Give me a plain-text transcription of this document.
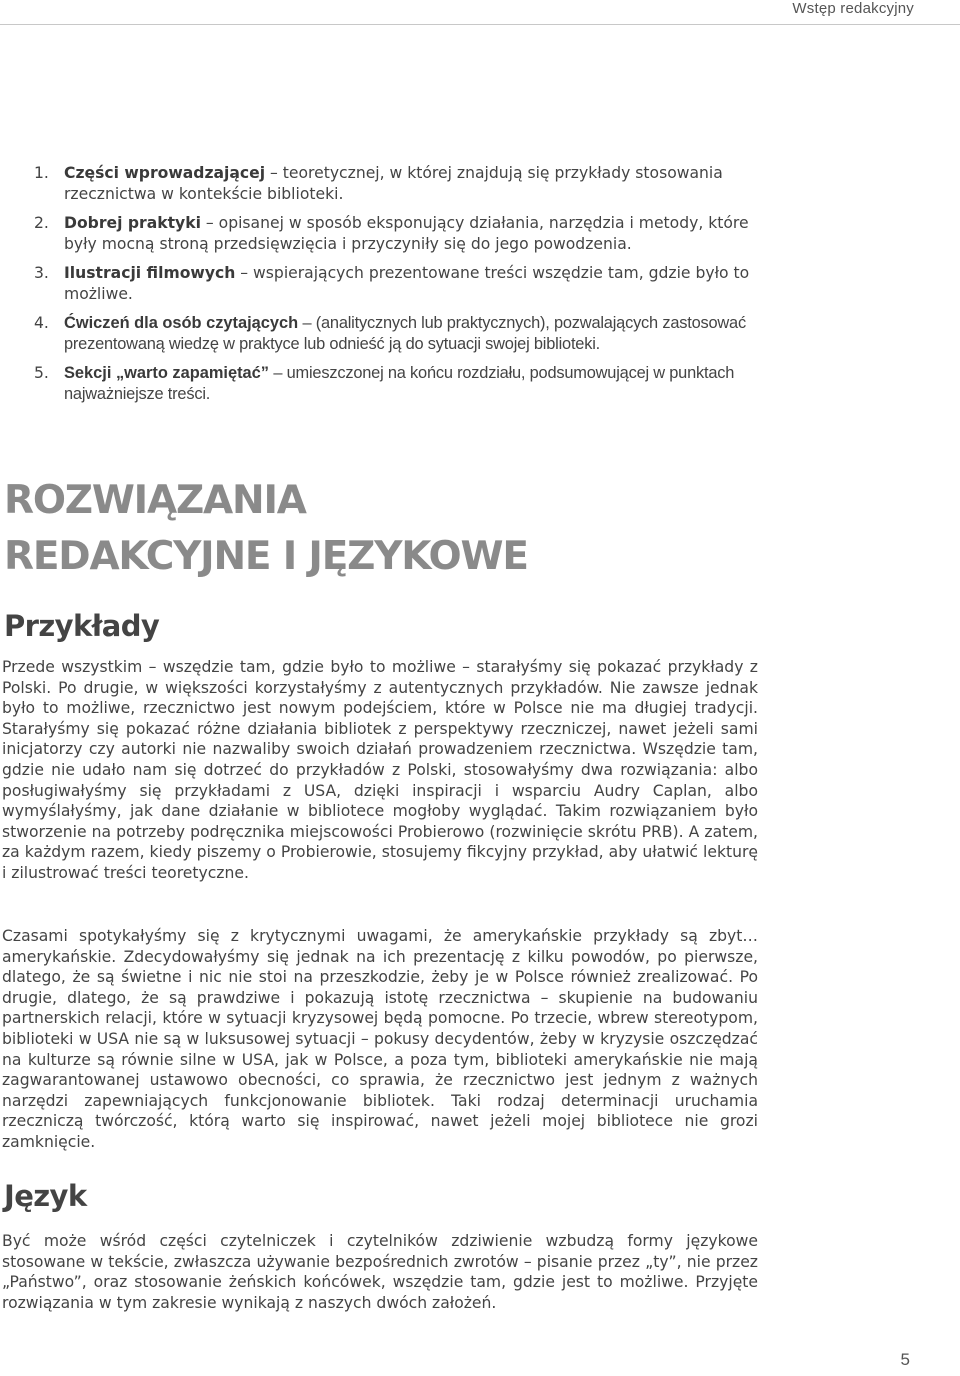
Wstęp redakcyjny
1. Części wprowadzającej – teoretycznej, w której znajdują się przykłady stosowania rzecznictwa w kontekście biblioteki.
2. Dobrej praktyki – opisanej w sposób eksponujący działania, narzędzia i metody, które były mocną stroną przedsięwzięcia i przyczyniły się do jego powodzenia.
3. Ilustracji filmowych – wspierających prezentowane treści wszędzie tam, gdzie było to możliwe.
4. Ćwiczeń dla osób czytających – (analitycznych lub praktycznych), pozwalających zastosować prezentowaną wiedzę w praktyce lub odnieść ją do sytuacji swojej biblioteki.
5. Sekcji „warto zapamiętać” – umieszczonej na końcu rozdziału, podsumowującej w punktach najważniejsze treści.
ROZWIĄZANIA
REDAKCYJNE I JĘZYKOWE
Przykłady

Przede wszystkim – wszędzie tam, gdzie było to możliwe – starałyśmy się pokazać przykłady z Polski. Po drugie, w większości korzystałyśmy z autentycznych przykładów. Nie zawsze jednak było to możliwe, rzecznictwo jest nowym podejściem, które w Polsce nie ma długiej tradycji. Starałyśmy się pokazać różne działania bibliotek z perspektywy rzeczniczej, nawet jeżeli sami inicjatorzy czy autorki nie nazwaliby swoich działań prowadzeniem rzecznictwa. Wszędzie tam, gdzie nie udało nam się dotrzeć do przykładów z Polski, stosowałyśmy dwa rozwiązania: albo posługiwałyśmy się przykładami z USA, dzięki inspiracji i wsparciu Audry Caplan, albo wymyślałyśmy, jak dane działanie w bibliotece mogłoby wyglądać. Takim rozwiązaniem było stworzenie na potrzeby podręcznika miejscowości Probierowo (rozwinięcie skrótu PRB). A zatem, za każdym razem, kiedy piszemy o Probierowie, stosujemy fikcyjny przykład, aby ułatwić lekturę i zilustrować treści teoretyczne.

Czasami spotykałyśmy się z krytycznymi uwagami, że amerykańskie przykłady są zbyt… amerykańskie. Zdecydowałyśmy się jednak na ich prezentację z kilku powodów, po pierwsze, dlatego, że są świetne i nic nie stoi na przeszkodzie, żeby je w Polsce również zrealizować. Po drugie, dlatego, że są prawdziwe i pokazują istotę rzecznictwa – skupienie na budowaniu partnerskich relacji, które w sytuacji kryzysowej będą pomocne. Po trzecie, wbrew stereotypom, biblioteki w USA nie są w luksusowej sytuacji – pokusy decydentów, żeby w kryzysie oszczędzać na kulturze są równie silne w USA, jak w Polsce, a poza tym, biblioteki amerykańskie nie mają zagwarantowanej ustawowo obecności, co sprawia, że rzecznictwo jest jednym z ważnych narzędzi zapewniających funkcjonowanie bibliotek. Taki rodzaj determinacji uruchamia rzeczniczą twórczość, którą warto się inspirować, nawet jeżeli mojej bibliotece nie grozi zamknięcie.

Język

Być może wśród części czytelniczek i czytelników zdziwienie wzbudzą formy językowe stosowane w tekście, zwłaszcza używanie bezpośrednich zwrotów – pisanie przez „ty”, nie przez „Państwo”, oraz stosowanie żeńskich końcówek, wszędzie tam, gdzie jest to możliwe. Przyjęte rozwiązania w tym zakresie wynikają z naszych dwóch założeń.

5
